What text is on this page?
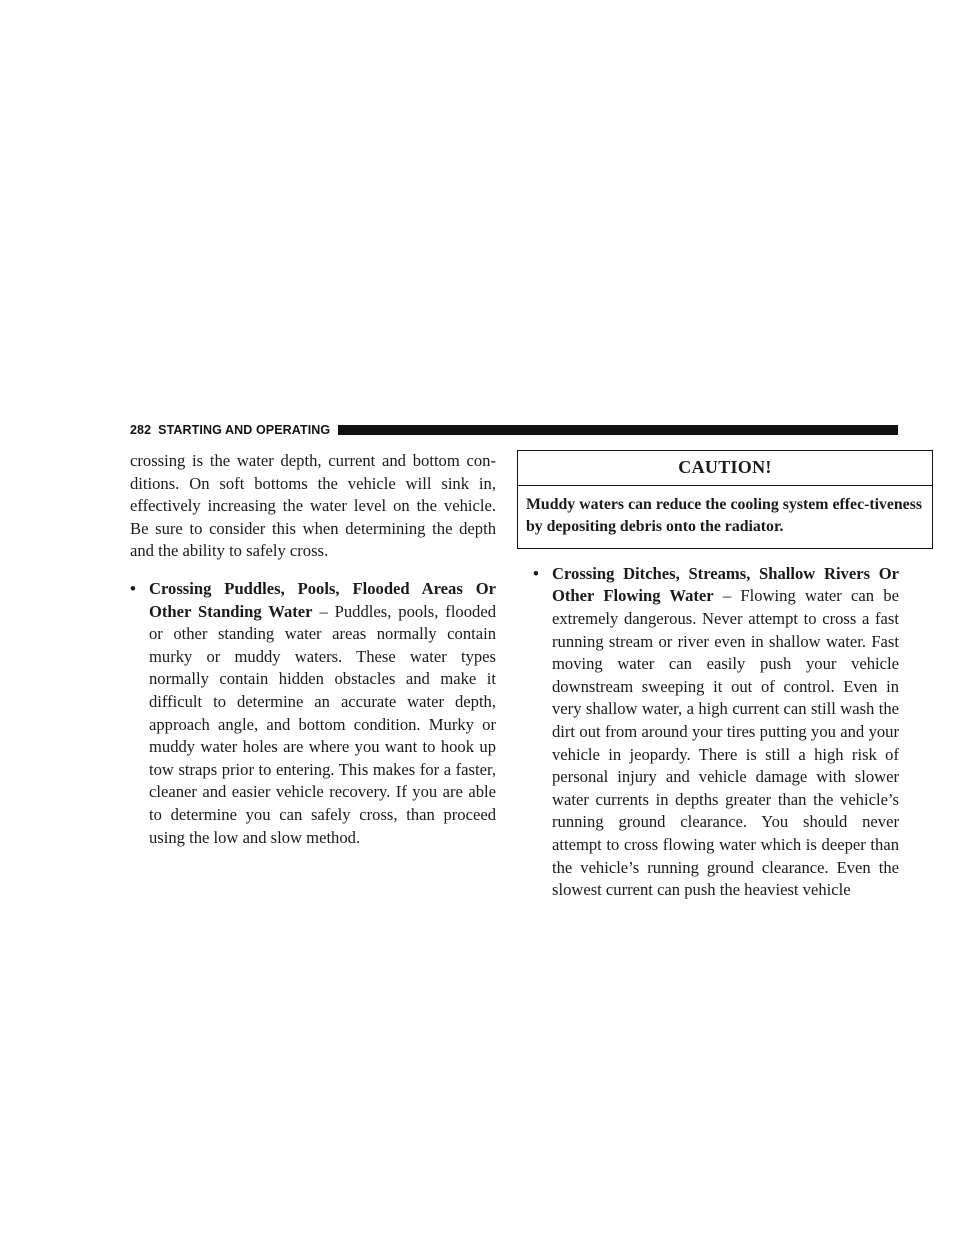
282 STARTING AND OPERATING

crossing is the water depth, current and bottom con-ditions. On soft bottoms the vehicle will sink in, effectively increasing the water level on the vehicle. Be sure to consider this when determining the depth and the ability to safely cross.

• Crossing Puddles, Pools, Flooded Areas Or Other Standing Water – Puddles, pools, flooded or other standing water areas normally contain murky or muddy waters. These water types normally contain hidden obstacles and make it difficult to determine an accurate water depth, approach angle, and bottom condition. Murky or muddy water holes are where you want to hook up tow straps prior to entering. This makes for a faster, cleaner and easier vehicle recovery. If you are able to determine you can safely cross, than proceed using the low and slow method.
CAUTION!
Muddy waters can reduce the cooling system effec-tiveness by depositing debris onto the radiator.
• Crossing Ditches, Streams, Shallow Rivers Or Other Flowing Water – Flowing water can be extremely dangerous. Never attempt to cross a fast running stream or river even in shallow water. Fast moving water can easily push your vehicle downstream sweeping it out of control. Even in very shallow water, a high current can still wash the dirt out from around your tires putting you and your vehicle in jeopardy. There is still a high risk of personal injury and vehicle damage with slower water currents in depths greater than the vehicle’s running ground clearance. You should never attempt to cross flowing water which is deeper than the vehicle’s running ground clearance. Even the slowest current can push the heaviest vehicle
